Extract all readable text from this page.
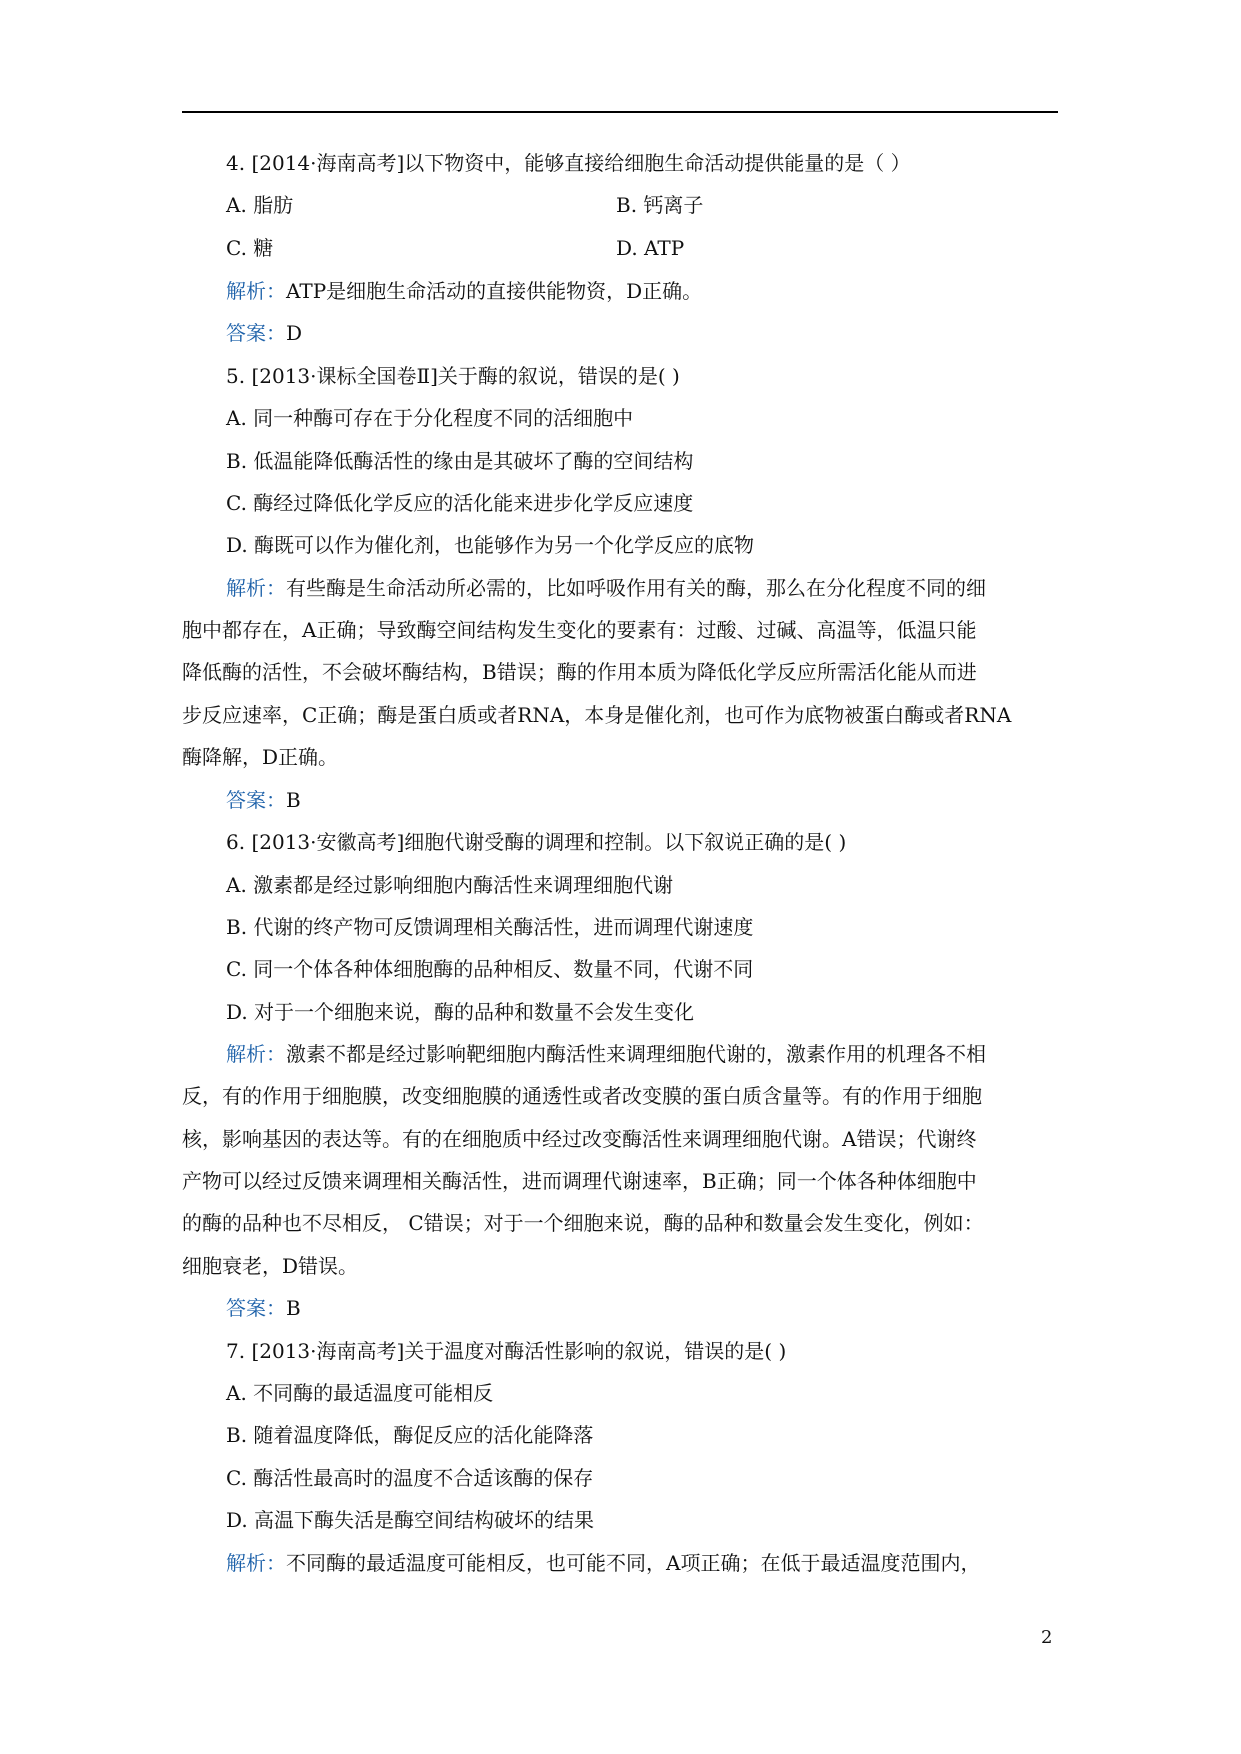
4. [2014·海南高考]以下物资中，能够直接给细胞生命活动提供能量的是（ ）
A. 脂肪	B. 钙离子
C. 糖	D. ATP
解析：ATP是细胞生命活动的直接供能物资，D正确。
答案：D
5. [2013·课标全国卷Ⅱ]关于酶的叙说，错误的是( )
A. 同一种酶可存在于分化程度不同的活细胞中
B. 低温能降低酶活性的缘由是其破坏了酶的空间结构
C. 酶经过降低化学反应的活化能来进步化学反应速度
D. 酶既可以作为催化剂，也能够作为另一个化学反应的底物
解析：有些酶是生命活动所必需的，比如呼吸作用有关的酶，那么在分化程度不同的细
胞中都存在，A正确；导致酶空间结构发生变化的要素有：过酸、过碱、高温等，低温只能
降低酶的活性，不会破坏酶结构，B错误；酶的作用本质为降低化学反应所需活化能从而进
步反应速率，C正确；酶是蛋白质或者RNA，本身是催化剂，也可作为底物被蛋白酶或者RNA
酶降解，D正确。
答案：B
6. [2013·安徽高考]细胞代谢受酶的调理和控制。以下叙说正确的是( )
A. 激素都是经过影响细胞内酶活性来调理细胞代谢
B. 代谢的终产物可反馈调理相关酶活性，进而调理代谢速度
C. 同一个体各种体细胞酶的品种相反、数量不同，代谢不同
D. 对于一个细胞来说，酶的品种和数量不会发生变化
解析：激素不都是经过影响靶细胞内酶活性来调理细胞代谢的，激素作用的机理各不相
反，有的作用于细胞膜，改变细胞膜的通透性或者改变膜的蛋白质含量等。有的作用于细胞
核，影响基因的表达等。有的在细胞质中经过改变酶活性来调理细胞代谢。A错误；代谢终
产物可以经过反馈来调理相关酶活性，进而调理代谢速率，B正确；同一个体各种体细胞中
的酶的品种也不尽相反， C错误；对于一个细胞来说，酶的品种和数量会发生变化，例如：
细胞衰老，D错误。
答案：B
7. [2013·海南高考]关于温度对酶活性影响的叙说，错误的是( )
A. 不同酶的最适温度可能相反
B. 随着温度降低，酶促反应的活化能降落
C. 酶活性最高时的温度不合适该酶的保存
D. 高温下酶失活是酶空间结构破坏的结果
解析：不同酶的最适温度可能相反，也可能不同，A项正确；在低于最适温度范围内，
2
